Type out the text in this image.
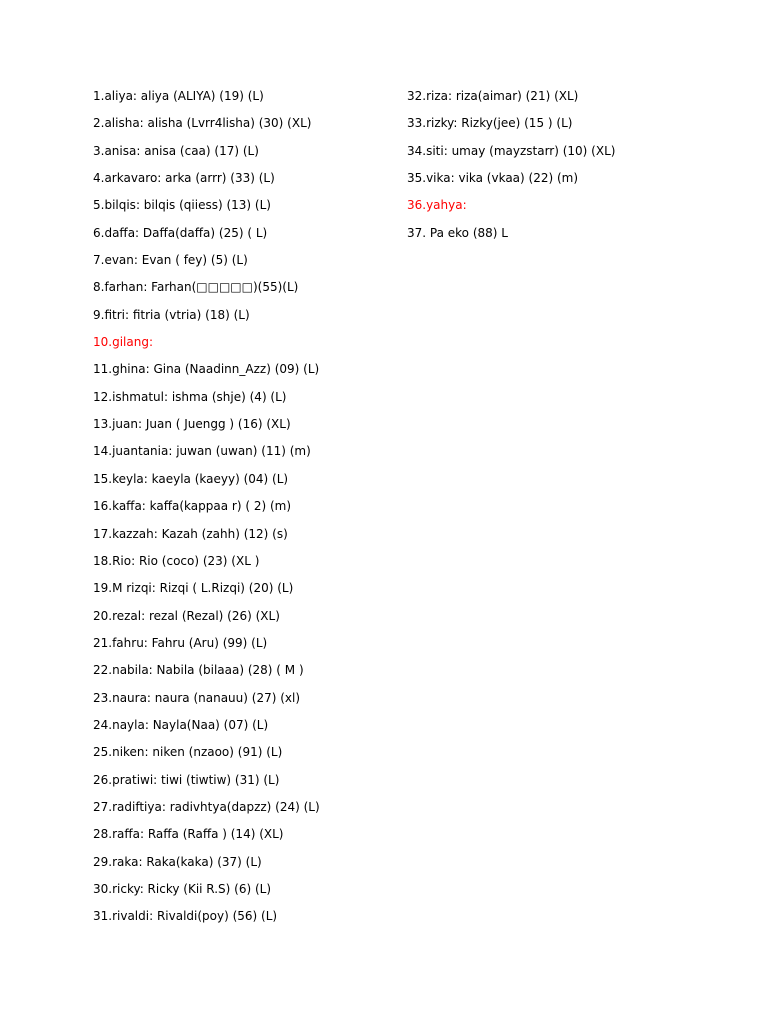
1.aliya: aliya (ALIYA) (19) (L)
2.alisha: alisha (Lvrr4lisha) (30) (XL)
3.anisa: anisa (caa) (17) (L)
4.arkavaro: arka (arrr) (33) (L)
5.bilqis: bilqis (qiiess) (13) (L)
6.daffa: Daffa(daffa) (25) ( L)
7.evan: Evan ( fey) (5) (L)
8.farhan: Farhan(□□□□□)(55)(L)
9.fitri: fitria (vtria) (18) (L)
10.gilang:
11.ghina: Gina (Naadinn_Azz) (09) (L)
12.ishmatul: ishma (shje) (4) (L)
13.juan: Juan ( Juengg ) (16) (XL)
14.juantania: juwan (uwan) (11) (m)
15.keyla: kaeyla (kaeyy) (04) (L)
16.kaffa: kaffa(kappaa r) ( 2) (m)
17.kazzah: Kazah (zahh) (12) (s)
18.Rio: Rio (coco) (23) (XL )
19.M rizqi: Rizqi ( L.Rizqi) (20) (L)
20.rezal: rezal (Rezal) (26) (XL)
21.fahru: Fahru (Aru) (99) (L)
22.nabila: Nabila (bilaaa) (28) ( M )
23.naura: naura (nanauu) (27) (xl)
24.nayla: Nayla(Naa) (07) (L)
25.niken: niken (nzaoo) (91) (L)
26.pratiwi: tiwi (tiwtiw) (31) (L)
27.radiftiya: radivhtya(dapzz) (24) (L)
28.raffa: Raffa (Raffa ) (14) (XL)
29.raka: Raka(kaka) (37) (L)
30.ricky: Ricky (Kii R.S) (6) (L)
31.rivaldi: Rivaldi(poy) (56) (L)
32.riza: riza(aimar) (21) (XL)
33.rizky: Rizky(jee) (15 ) (L)
34.siti: umay (mayzstarr) (10) (XL)
35.vika: vika (vkaa) (22) (m)
36.yahya:
37. Pa eko (88) L
